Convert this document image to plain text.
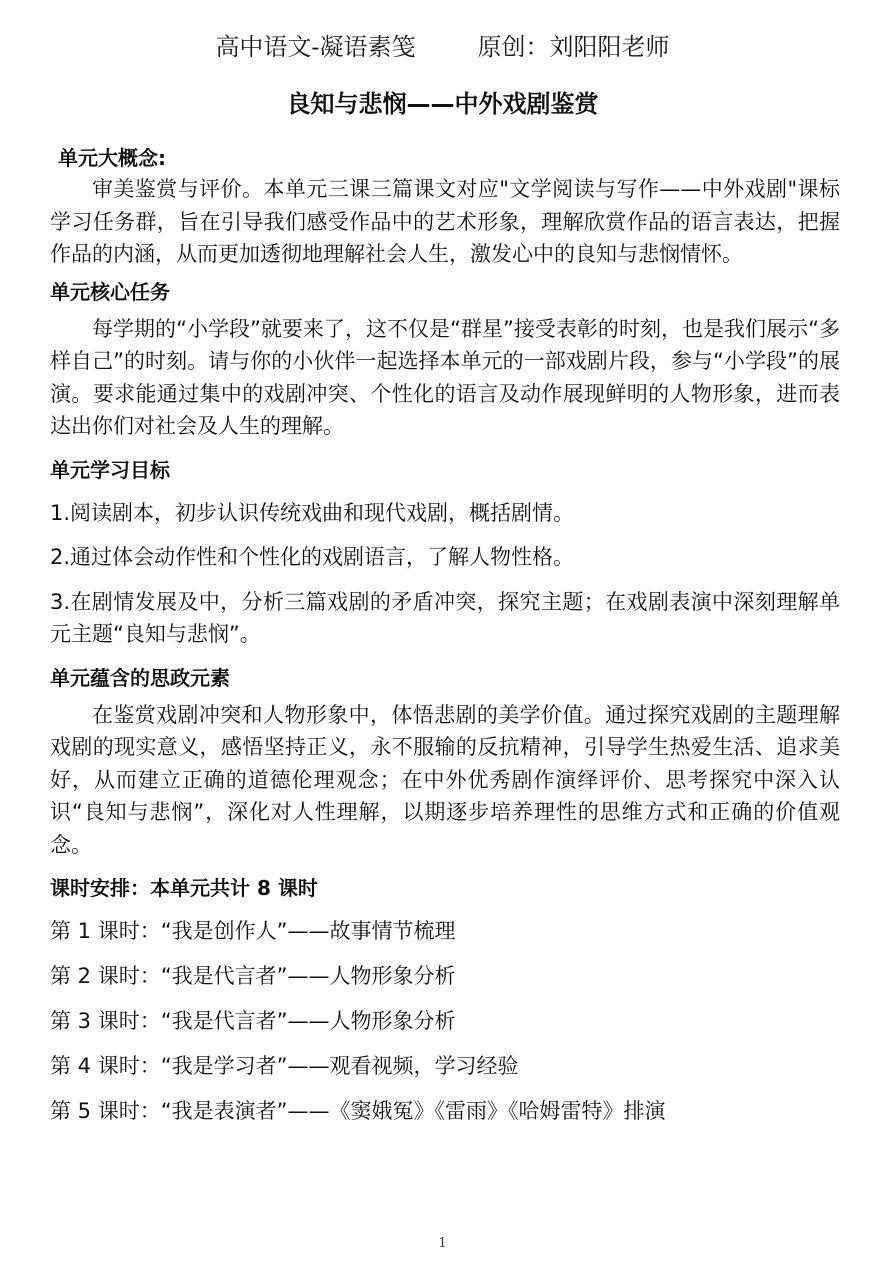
高中语文-凝语素笺	原创：刘阳阳老师
良知与悲悯——中外戏剧鉴赏

单元大概念:

审美鉴赏与评价。本单元三课三篇课文对应"文学阅读与写作——中外戏剧"课标学习任务群，旨在引导我们感受作品中的艺术形象，理解欣赏作品的语言表达，把握作品的内涵，从而更加透彻地理解社会人生，激发心中的良知与悲悯情怀。

单元核心任务

每学期的“小学段”就要来了，这不仅是“群星”接受表彰的时刻，也是我们展示“多样自己”的时刻。请与你的小伙伴一起选择本单元的一部戏剧片段，参与“小学段”的展演。要求能通过集中的戏剧冲突、个性化的语言及动作展现鲜明的人物形象，进而表达出你们对社会及人生的理解。

单元学习目标

1.阅读剧本，初步认识传统戏曲和现代戏剧，概括剧情。

2.通过体会动作性和个性化的戏剧语言，了解人物性格。

3.在剧情发展及中，分析三篇戏剧的矛盾冲突，探究主题；在戏剧表演中深刻理解单元主题“良知与悲悯”。

单元蕴含的思政元素

在鉴赏戏剧冲突和人物形象中，体悟悲剧的美学价值。通过探究戏剧的主题理解戏剧的现实意义，感悟坚持正义，永不服输的反抗精神，引导学生热爱生活、追求美好，从而建立正确的道德伦理观念；在中外优秀剧作演绎评价、思考探究中深入认识“良知与悲悯”，深化对人性理解，以期逐步培养理性的思维方式和正确的价值观念。

课时安排：本单元共计 8 课时

第 1 课时：“我是创作人”——故事情节梳理

第 2 课时：“我是代言者”——人物形象分析

第 3 课时：“我是代言者”——人物形象分析

第 4 课时：“我是学习者”——观看视频，学习经验

第 5 课时：“我是表演者”——《窦娥冤》《雷雨》《哈姆雷特》排演

1
